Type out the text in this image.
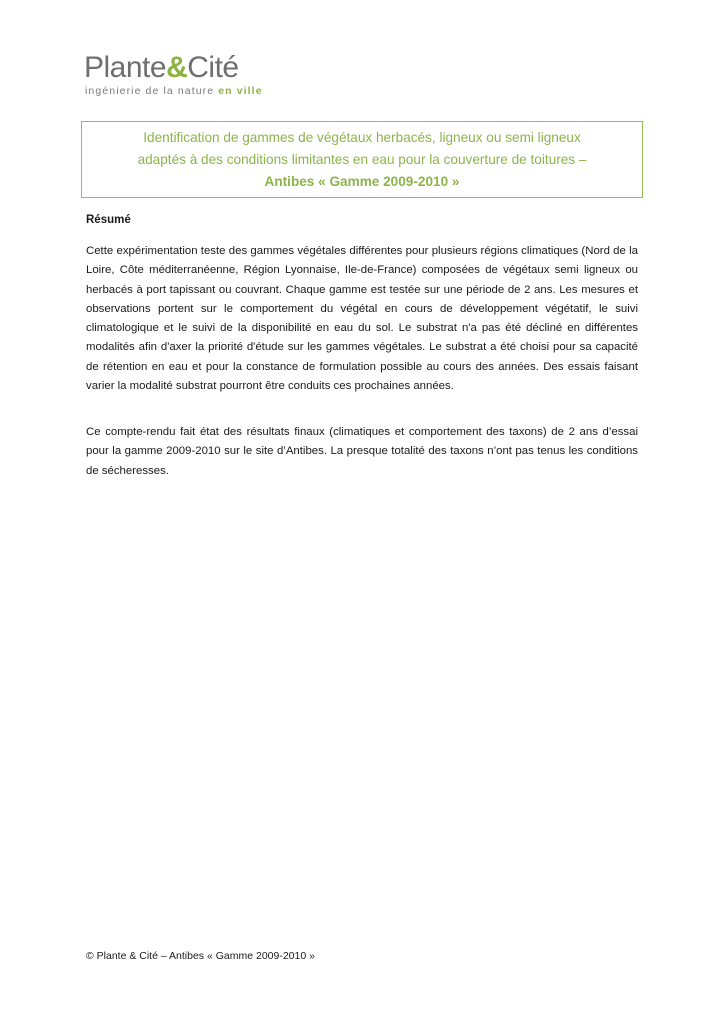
Plante&Cité
ingénierie de la nature en ville
Identification de gammes de végétaux herbacés, ligneux ou semi ligneux
adaptés à des conditions limitantes en eau pour la couverture de toitures –
Antibes « Gamme 2009-2010 »
Résumé

Cette expérimentation teste des gammes végétales différentes pour plusieurs régions climatiques (Nord de la Loire, Côte méditerranéenne, Région Lyonnaise, Ile-de-France) composées de végétaux semi ligneux ou herbacés à port tapissant ou couvrant. Chaque gamme est testée sur une période de 2 ans. Les mesures et observations portent sur le comportement du végétal en cours de développement végétatif, le suivi climatologique et le suivi de la disponibilité en eau du sol. Le substrat n'a pas été décliné en différentes modalités afin d'axer la priorité d'étude sur les gammes végétales. Le substrat a été choisi pour sa capacité de rétention en eau et pour la constance de formulation possible au cours des années. Des essais faisant varier la modalité substrat pourront être conduits ces prochaines années.

Ce compte-rendu fait état des résultats finaux (climatiques et comportement des taxons) de 2 ans d’essai pour la gamme 2009-2010 sur le site d’Antibes. La presque totalité des taxons n’ont pas tenus les conditions de sécheresses.

© Plante & Cité – Antibes « Gamme 2009-2010 »
